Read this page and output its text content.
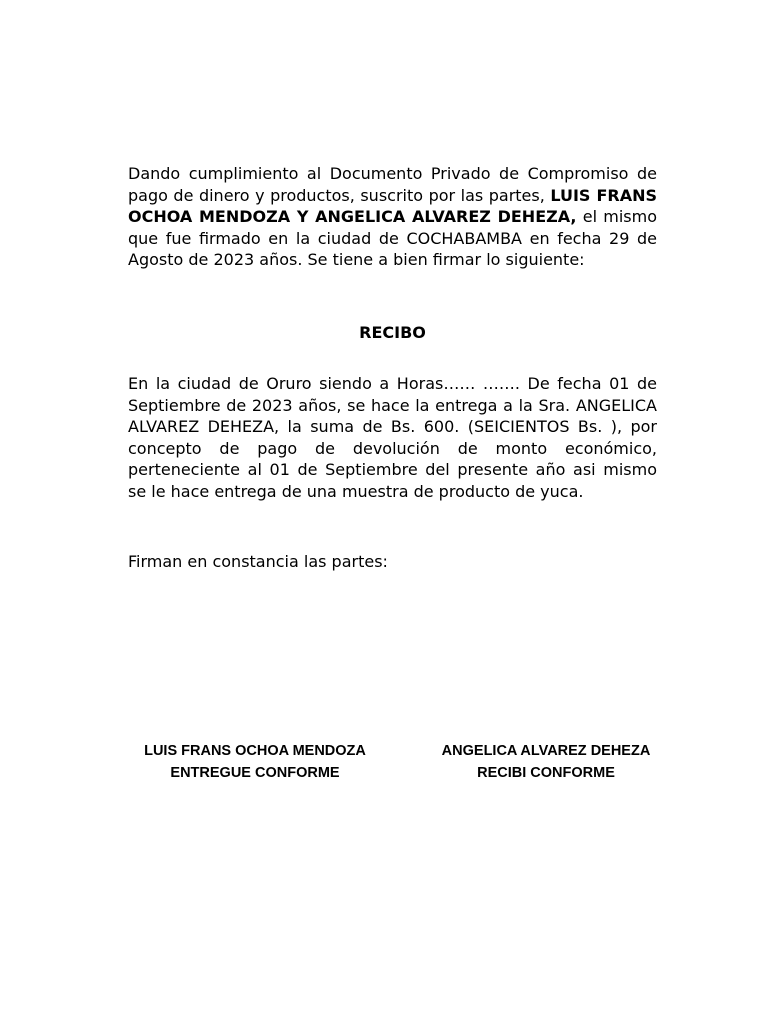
Dando cumplimiento al Documento Privado de Compromiso de pago de dinero y productos, suscrito por las partes, LUIS FRANS OCHOA MENDOZA Y ANGELICA ALVAREZ DEHEZA, el mismo que fue firmado en la ciudad de COCHABAMBA en fecha 29 de Agosto de 2023 años. Se tiene a bien firmar lo siguiente:

RECIBO

En la ciudad de Oruro siendo a Horas…… ……. De fecha 01 de Septiembre de 2023 años, se hace la entrega a la Sra. ANGELICA ALVAREZ DEHEZA, la suma de Bs. 600. (SEICIENTOS Bs. ), por concepto de pago de devolución de monto económico, perteneciente al 01 de Septiembre del presente año asi mismo se le hace entrega de una muestra de producto de yuca.

Firman en constancia las partes:

LUIS FRANS OCHOA MENDOZA
ENTREGUE CONFORME
ANGELICA ALVAREZ DEHEZA
RECIBI CONFORME
